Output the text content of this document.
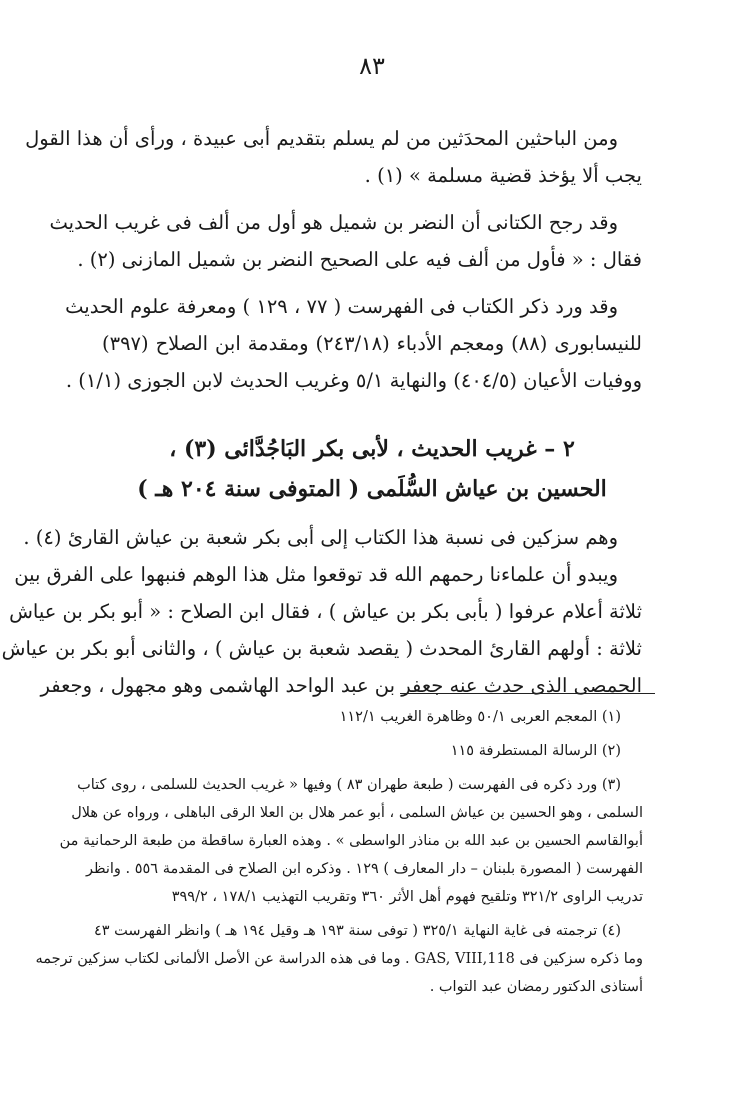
٨٣
ومن الباحثين المحدَثين من لم يسلم بتقديم أبى عبيدة ، ورأى أن هذا القول
يجب ألا يؤخذ قضية مسلمة » (١) .
وقد رجح الكتانى أن النضر بن شميل هو أول من ألف فى غريب الحديث
فقال : « فأول من ألف فيه على الصحيح النضر بن شميل المازنى (٢) .
وقد ورد ذكر الكتاب فى الفهرست ( ٧٧ ، ١٢٩ ) ومعرفة علوم الحديث
للنيسابورى (٨٨) ومعجم الأدباء (٢٤٣/١٨) ومقدمة ابن الصلاح (٣٩٧)
ووفيات الأعيان (٤٠٤/٥) والنهاية ٥/١ وغريب الحديث لابن الجوزى (١/١) .
٢ – غريب الحديث ، لأبى بكر البَاجُدَّائى (٣) ،
الحسين بن عياش السُّلَمى ( المتوفى سنة ٢٠٤ هـ )
وهم سزكين فى نسبة هذا الكتاب إلى أبى بكر شعبة بن عياش القارئ (٤) .
ويبدو أن علماءنا رحمهم الله قد توقعوا مثل هذا الوهم فنبهوا على الفرق بين
ثلاثة أعلام عرفوا ( بأبى بكر بن عياش ) ، فقال ابن الصلاح : « أبو بكر بن عياش
ثلاثة : أولهم القارئ المحدث ( يقصد شعبة بن عياش ) ، والثانى أبو بكر بن عياش
الحمصى الذى حدث عنه جعفر بن عبد الواحد الهاشمى وهو مجهول ، وجعفر
(١) المعجم العربى ٥٠/١ وظاهرة الغريب ١١٢/١
(٢) الرسالة المستطرفة ١١٥
(٣) ورد ذكره فى الفهرست ( طبعة طهران ٨٣ ) وفيها « غريب الحديث للسلمى ، روى كتاب
السلمى ، وهو الحسين بن عياش السلمى ، أبو عمر هلال بن العلا الرقى الباهلى ، ورواه عن هلال
أبوالقاسم الحسين بن عبد الله بن مناذر الواسطى » . وهذه العبارة ساقطة من طبعة الرحمانية من
الفهرست ( المصورة بلبنان – دار المعارف ) ١٢٩ . وذكره ابن الصلاح فى المقدمة ٥٥٦ . وانظر
تدريب الراوى ٣٢١/٢ وتلقيح فهوم أهل الأثر ٣٦٠ وتقريب التهذيب ١٧٨/١ ، ٣٩٩/٢
(٤) ترجمته فى غاية النهاية ٣٢٥/١ ( توفى سنة ١٩٣ هـ وقيل ١٩٤ هـ ) وانظر الفهرست ٤٣
وما ذكره سزكين فى GAS, VIII,118 . وما فى هذه الدراسة عن الأصل الألمانى لكتاب سزكين ترجمه
أستاذى الدكتور رمضان عبد التواب .
